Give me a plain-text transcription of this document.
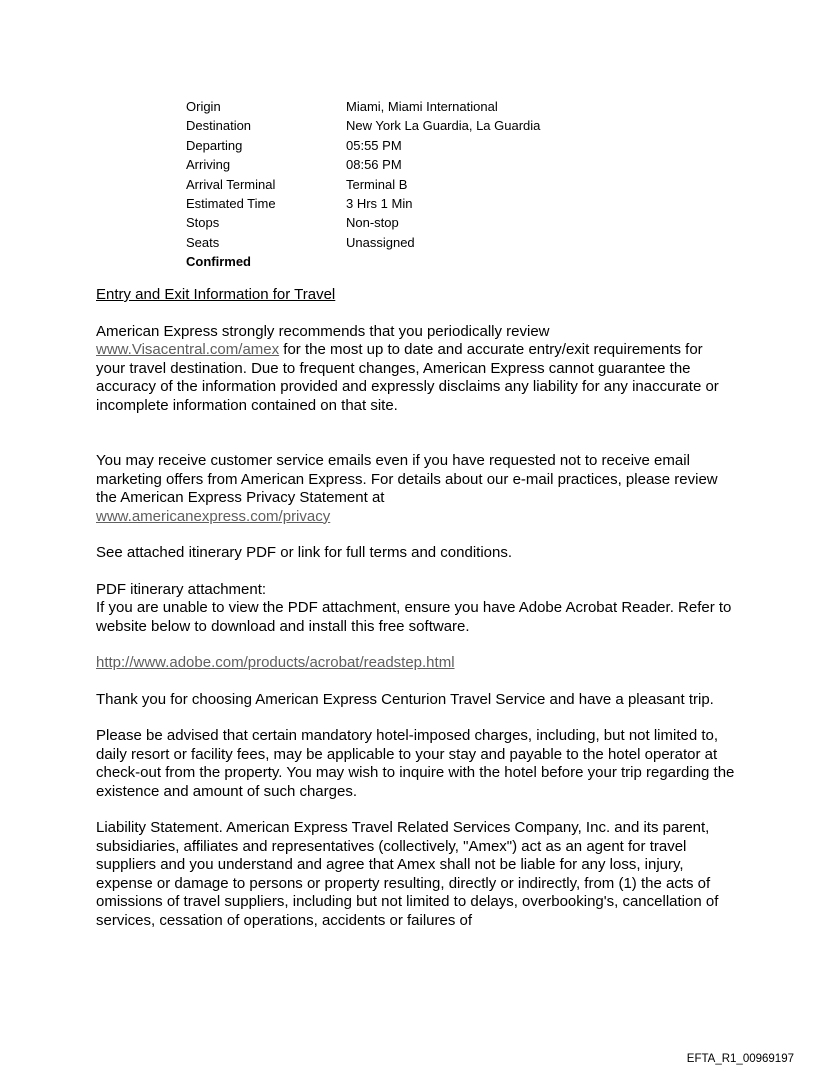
Origin	Miami, Miami International
Destination	New York La Guardia, La Guardia
Departing	05:55 PM
Arriving	08:56 PM
Arrival Terminal	Terminal B
Estimated Time	3 Hrs 1 Min
Stops	Non-stop
Seats	Unassigned
Confirmed	

Entry and Exit Information for Travel

American Express strongly recommends that you periodically review
www.Visacentral.com/amex for the most up to date and accurate entry/exit requirements for your travel destination. Due to frequent changes, American Express cannot guarantee the accuracy of the information provided and expressly disclaims any liability for any inaccurate or incomplete information contained on that site.

You may receive customer service emails even if you have requested not to receive email marketing offers from American Express. For details about our e-mail practices, please review the American Express Privacy Statement at
www.americanexpress.com/privacy

See attached itinerary PDF or link for full terms and conditions.

PDF itinerary attachment:
If you are unable to view the PDF attachment, ensure you have Adobe Acrobat Reader. Refer to website below to download and install this free software.

http://www.adobe.com/products/acrobat/readstep.html

Thank you for choosing American Express Centurion Travel Service and have a pleasant trip.

Please be advised that certain mandatory hotel-imposed charges, including, but not limited to, daily resort or facility fees, may be applicable to your stay and payable to the hotel operator at check-out from the property. You may wish to inquire with the hotel before your trip regarding the existence and amount of such charges.

Liability Statement. American Express Travel Related Services Company, Inc. and its parent, subsidiaries, affiliates and representatives (collectively, "Amex") act as an agent for travel suppliers and you understand and agree that Amex shall not be liable for any loss, injury, expense or damage to persons or property resulting, directly or indirectly, from (1) the acts of omissions of travel suppliers, including but not limited to delays, overbooking's, cancellation of services, cessation of operations, accidents or failures of

EFTA_R1_00969197
